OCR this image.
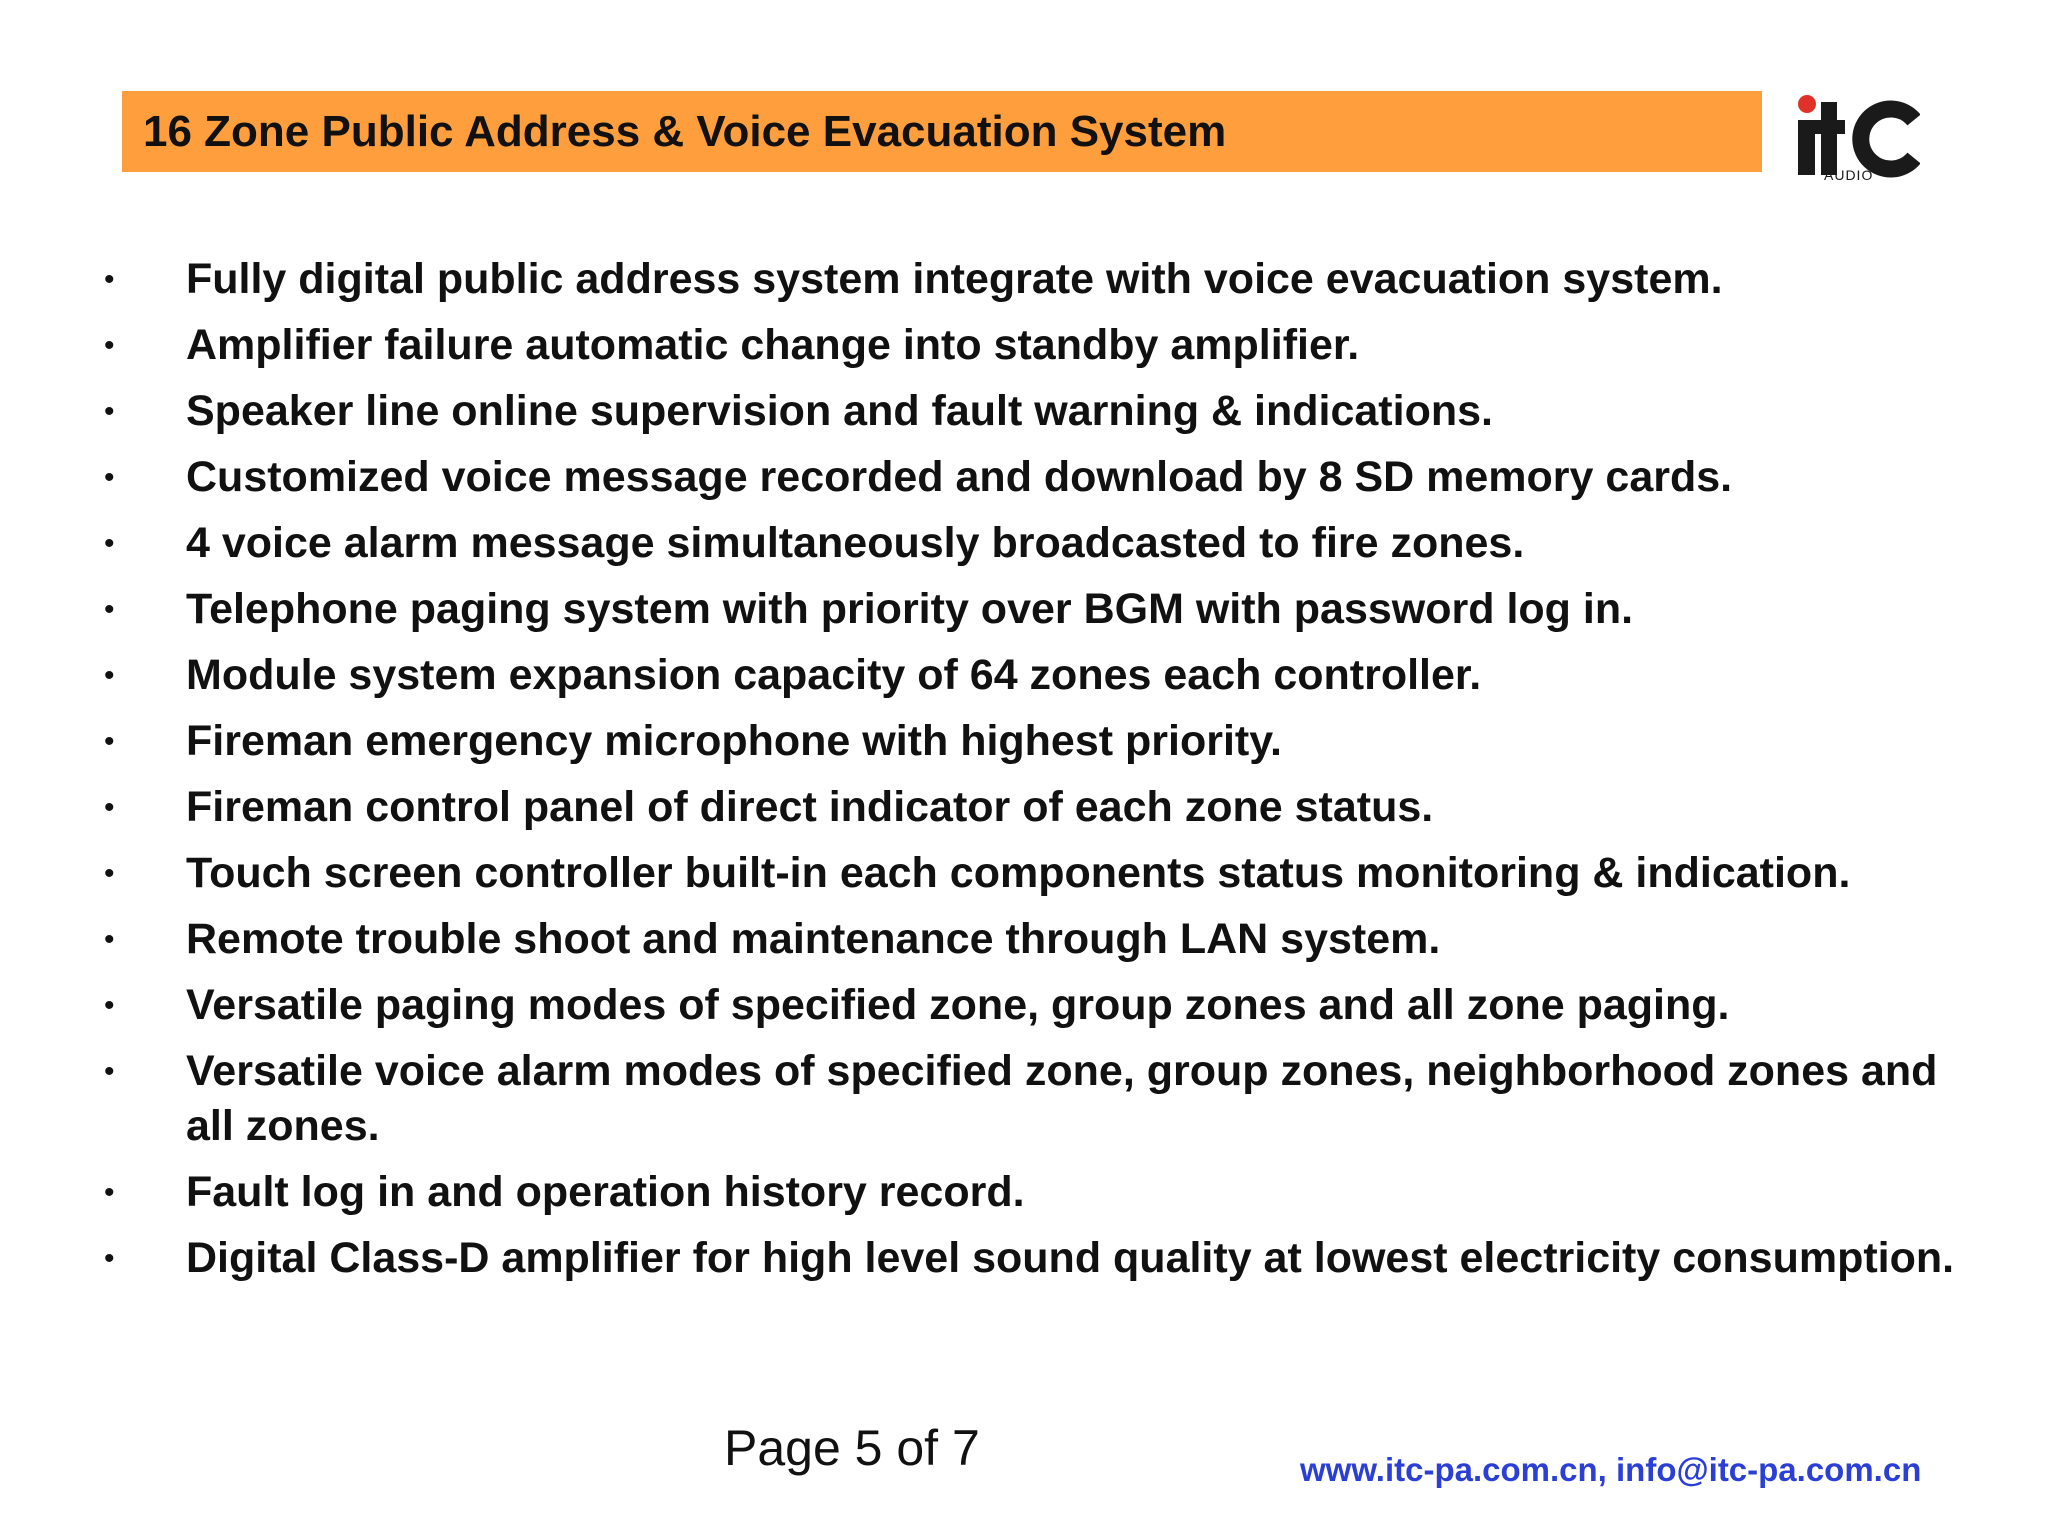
16 Zone Public Address & Voice Evacuation System
AUDIO
• Fully digital public address system integrate with voice evacuation system.
• Amplifier failure automatic change into standby amplifier.
• Speaker line online supervision and fault warning & indications.
• Customized voice message recorded and download by 8 SD memory cards.
• 4 voice alarm message simultaneously broadcasted to fire zones.
• Telephone paging system with priority over BGM with password log in.
• Module system expansion capacity of 64 zones each controller.
• Fireman emergency microphone with highest priority.
• Fireman control panel of direct indicator of each zone status.
• Touch screen controller built-in each components status monitoring & indication.
• Remote trouble shoot and maintenance through LAN system.
• Versatile paging modes of specified zone, group zones and all zone paging.
• Versatile voice alarm modes of specified zone, group zones, neighborhood zones and all zones.
• Fault log in and operation history record.
• Digital Class-D amplifier for high level sound quality at lowest electricity consumption.
Page 5 of 7	www.itc-pa.com.cn, info@itc-pa.com.cn
